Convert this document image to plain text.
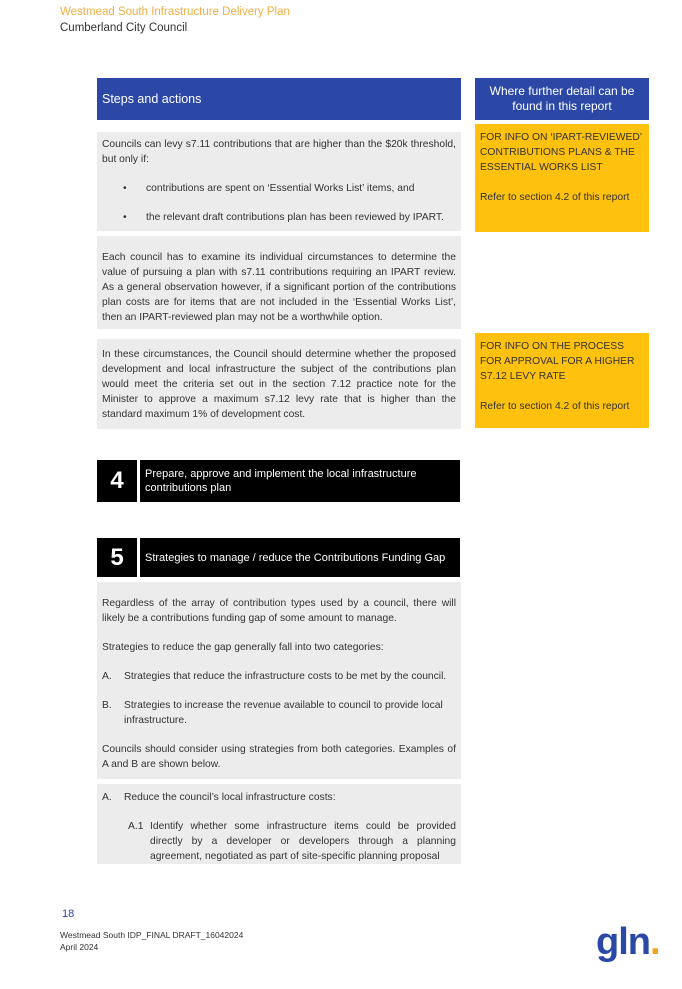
Westmead South Infrastructure Delivery Plan
Cumberland City Council
Steps and actions
Where further detail can be found in this report
Councils can levy s7.11 contributions that are higher than the $20k threshold, but only if:
• contributions are spent on ‘Essential Works List’ items, and
• the relevant draft contributions plan has been reviewed by IPART.
Each council has to examine its individual circumstances to determine the value of pursuing a plan with s7.11 contributions requiring an IPART review. As a general observation however, if a significant portion of the contributions plan costs are for items that are not included in the ‘Essential Works List’, then an IPART-reviewed plan may not be a worthwhile option.
In these circumstances, the Council should determine whether the proposed development and local infrastructure the subject of the contributions plan would meet the criteria set out in the section 7.12 practice note for the Minister to approve a maximum s7.12 levy rate that is higher than the standard maximum 1% of development cost.
FOR INFO ON ‘IPART-REVIEWED’ CONTRIBUTIONS PLANS & THE ESSENTIAL WORKS LIST
Refer to section 4.2 of this report
FOR INFO ON THE PROCESS FOR APPROVAL FOR A HIGHER S7.12 LEVY RATE
Refer to section 4.2 of this report
4	Prepare, approve and implement the local infrastructure contributions plan
5	Strategies to manage / reduce the Contributions Funding Gap

Regardless of the array of contribution types used by a council, there will likely be a contributions funding gap of some amount to manage.

Strategies to reduce the gap generally fall into two categories:

A. Strategies that reduce the infrastructure costs to be met by the council.
B. Strategies to increase the revenue available to council to provide local infrastructure.

Councils should consider using strategies from both categories. Examples of A and B are shown below.

A. Reduce the council’s local infrastructure costs:
A.1 Identify whether some infrastructure items could be provided directly by a developer or developers through a planning agreement, negotiated as part of site-specific planning proposal
18
Westmead South IDP_FINAL DRAFT_16042024
April 2024	gln.
